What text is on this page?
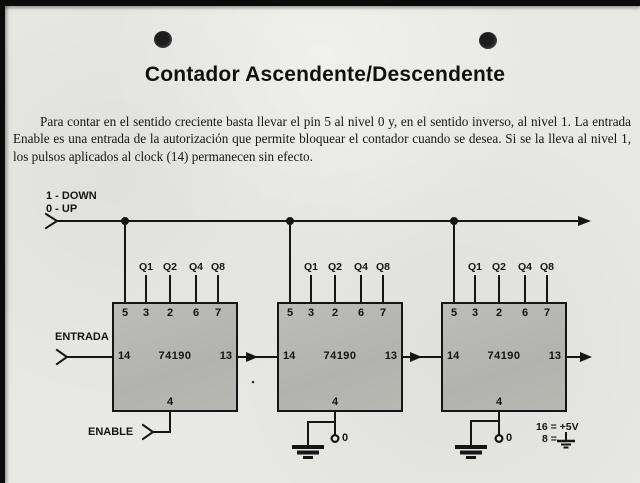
Contador Ascendente/Descendente
Para contar en el sentido creciente basta llevar el pin 5 al nivel 0 y, en el sentido inverso, al nivel 1. La entrada Enable es una entrada de la autorización que permite bloquear el contador cuando se desea. Si se la lleva al nivel 1, los pulsos aplicados al clock (14) permanecen sin efecto.
1 - DOWN
0 - UP
Q1 Q2 Q4 Q8	Q1 Q2 Q4 Q8	Q1 Q2 Q4 Q8
5	3	2	6	7
14	74190	13
4
5	3	2	6	7
14	74190	13
4
5	3	2	6	7
14	74190	13
4
ENTRADA
ENABLE	0	0
16 = +5V
8 =
